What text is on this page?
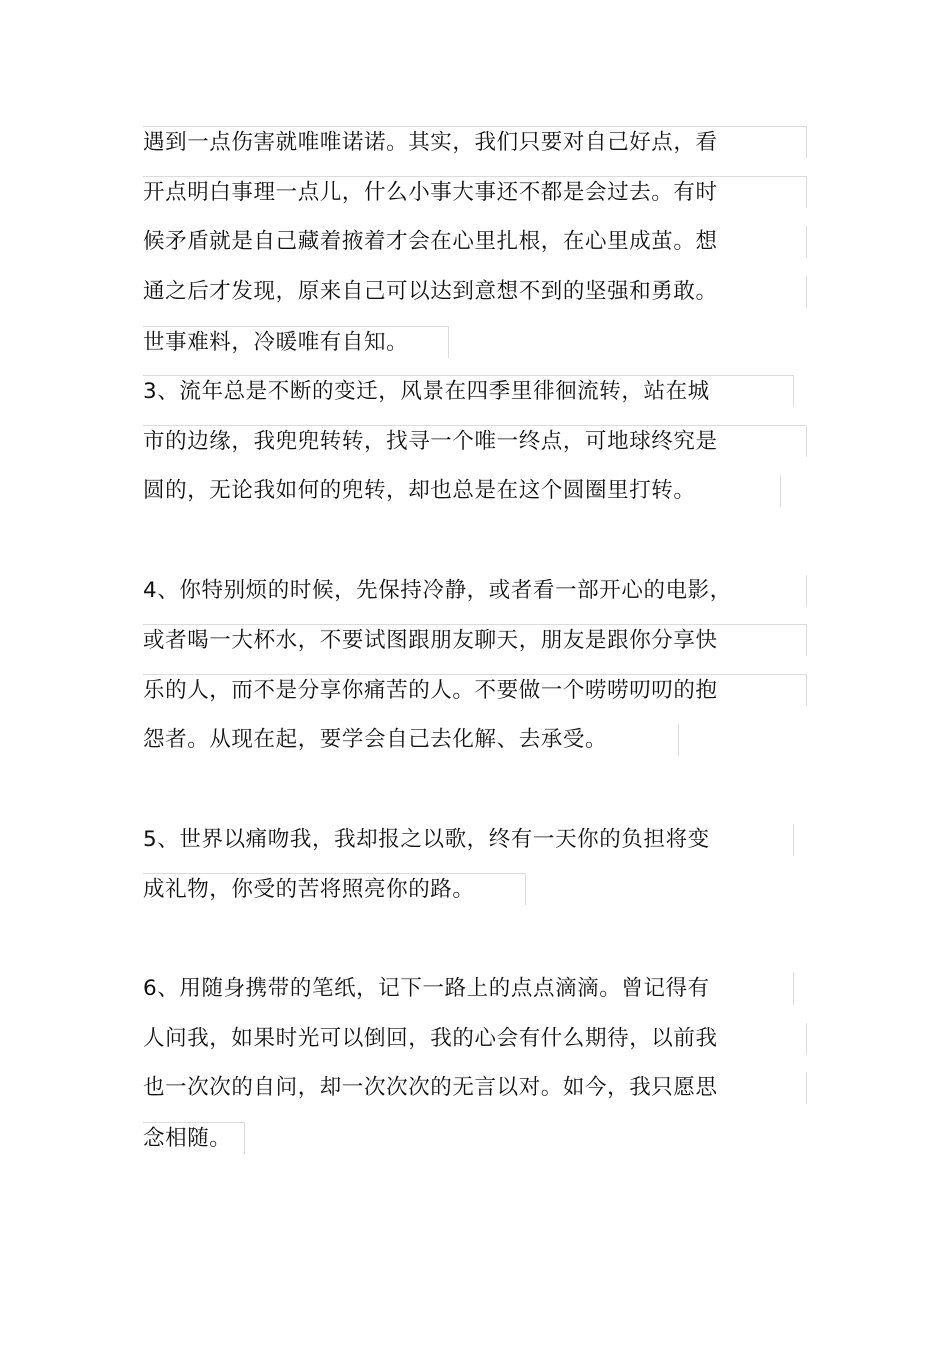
遇到一点伤害就唯唯诺诺。其实，我们只要对自己好点，看
开点明白事理一点儿，什么小事大事还不都是会过去。有时
候矛盾就是自己藏着掖着才会在心里扎根，在心里成茧。想
通之后才发现，原来自己可以达到意想不到的坚强和勇敢。
世事难料，冷暖唯有自知。
3、流年总是不断的变迁，风景在四季里徘徊流转，站在城
市的边缘，我兜兜转转，找寻一个唯一终点，可地球终究是
圆的，无论我如何的兜转，却也总是在这个圆圈里打转。
4、你特别烦的时候，先保持冷静，或者看一部开心的电影，
或者喝一大杯水，不要试图跟朋友聊天，朋友是跟你分享快
乐的人，而不是分享你痛苦的人。不要做一个唠唠叨叨的抱
怨者。从现在起，要学会自己去化解、去承受。
5、世界以痛吻我，我却报之以歌，终有一天你的负担将变
成礼物，你受的苦将照亮你的路。
6、用随身携带的笔纸，记下一路上的点点滴滴。曾记得有
人问我，如果时光可以倒回，我的心会有什么期待，以前我
也一次次的自问，却一次次次的无言以对。如今，我只愿思
念相随。
